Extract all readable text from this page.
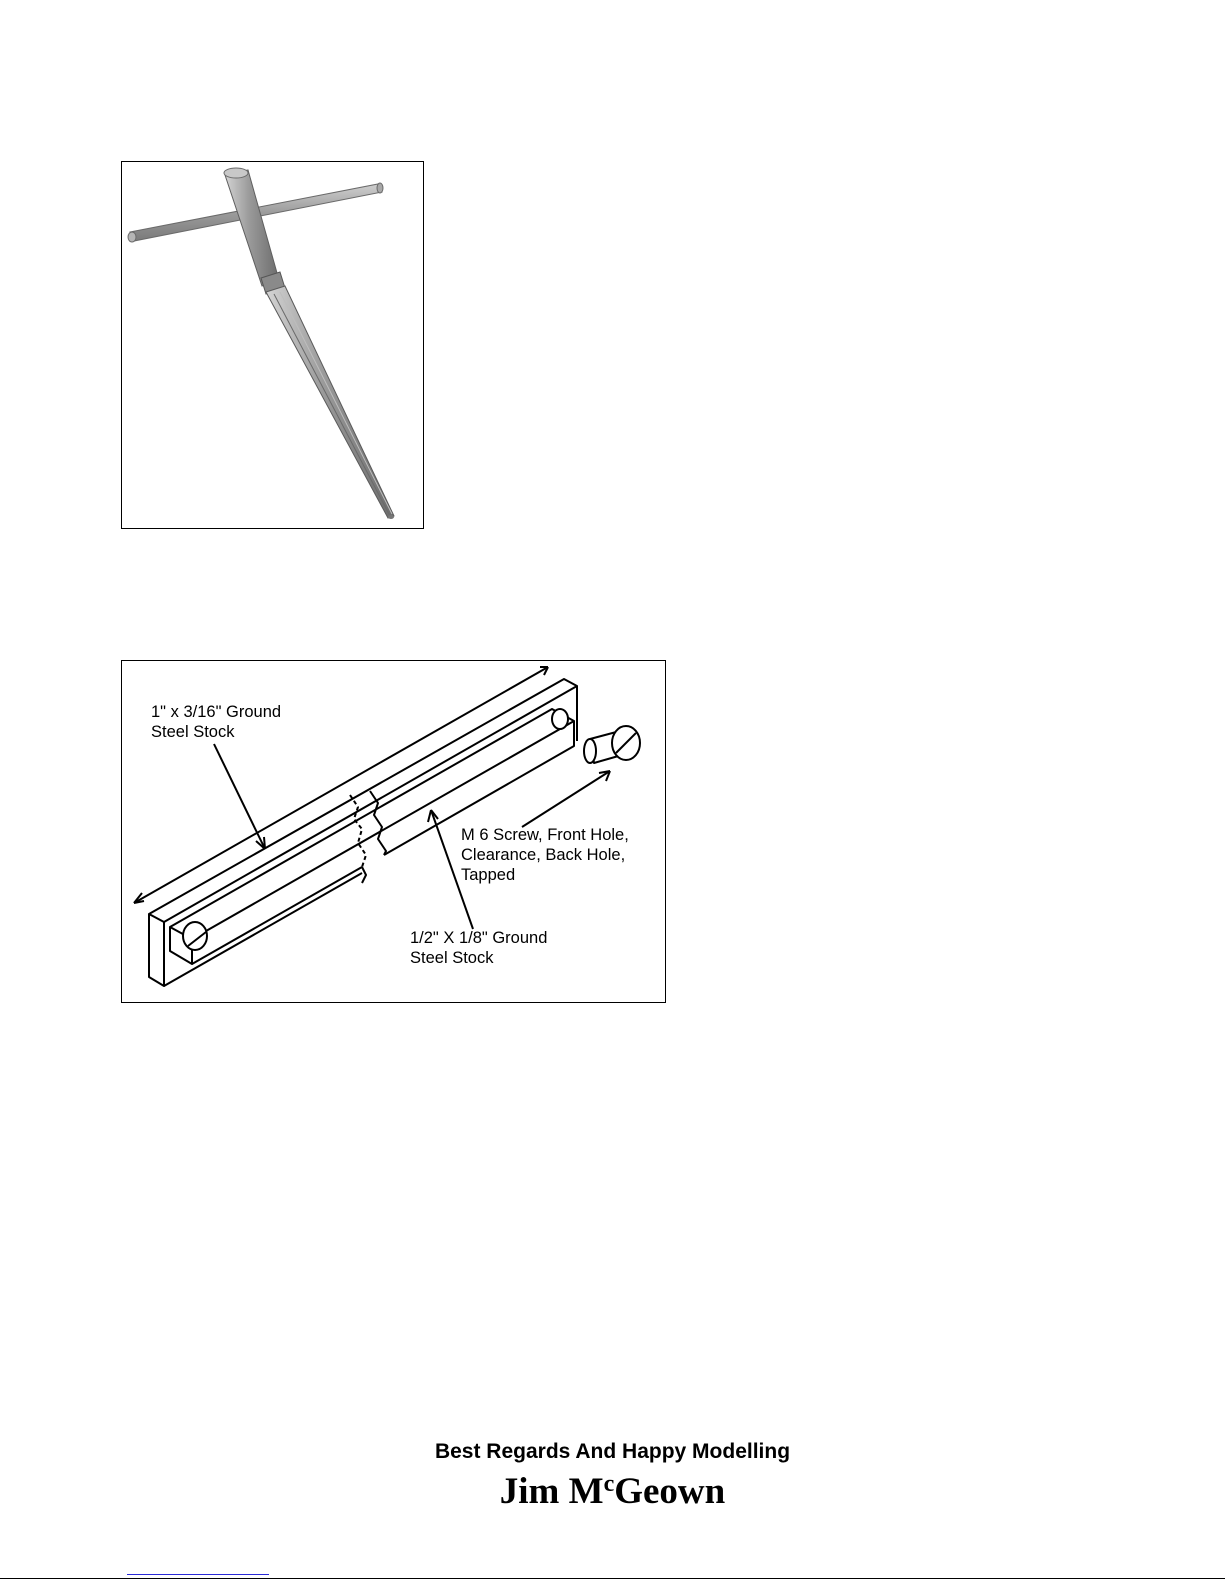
1" x 3/16" Ground
Steel Stock
M 6 Screw, Front Hole,
Clearance, Back Hole,
Tapped
1/2" X 1/8" Ground
Steel Stock
Best Regards And Happy Modelling
Jim $M^cGeown$
